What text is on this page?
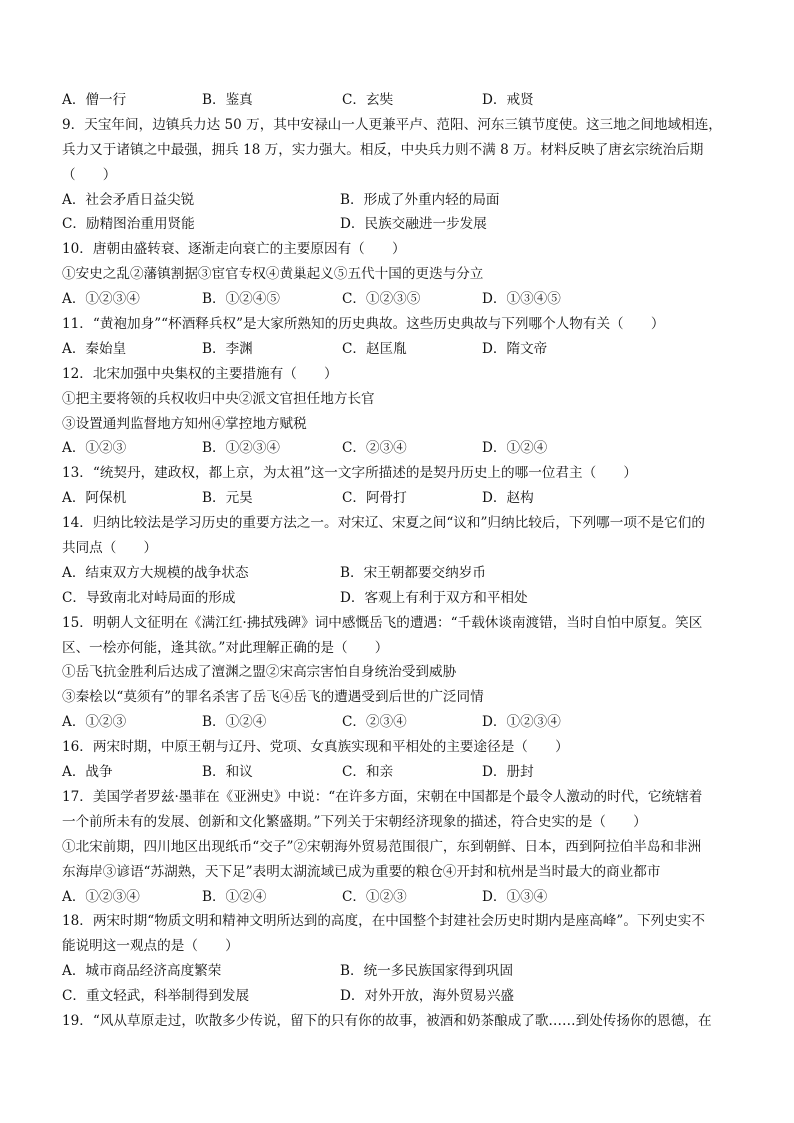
A．僧一行	B．鉴真	C．玄奘	D．戒贤
9．天宝年间，边镇兵力达 50 万，其中安禄山一人更兼平卢、范阳、河东三镇节度使。这三地之间地域相连，
兵力又于诸镇之中最强，拥兵 18 万，实力强大。相反，中央兵力则不满 8 万。材料反映了唐玄宗统治后期
（　　）
A．社会矛盾日益尖锐	B．形成了外重内轻的局面
C．励精图治重用贤能	D．民族交融进一步发展
10．唐朝由盛转衰、逐渐走向衰亡的主要原因有（　　）
①安史之乱②藩镇割据③宦官专权④黄巢起义⑤五代十国的更迭与分立
A．①②③④	B．①②④⑤	C．①②③⑤	D．①③④⑤
11．“黄袍加身”“杯酒释兵权”是大家所熟知的历史典故。这些历史典故与下列哪个人物有关（　　）
A．秦始皇	B．李渊	C．赵匡胤	D．隋文帝
12．北宋加强中央集权的主要措施有（　　）
①把主要将领的兵权收归中央②派文官担任地方长官
③设置通判监督地方知州④掌控地方赋税
A．①②③	B．①②③④	C．②③④	D．①②④
13．“统契丹，建政权，都上京，为太祖”这一文字所描述的是契丹历史上的哪一位君主（　　）
A．阿保机	B．元昊	C．阿骨打	D．赵构
14．归纳比较法是学习历史的重要方法之一。对宋辽、宋夏之间“议和”归纳比较后，下列哪一项不是它们的
共同点（　　）
A．结束双方大规模的战争状态	B．宋王朝都要交纳岁币
C．导致南北对峙局面的形成	D．客观上有利于双方和平相处
15．明朝人文征明在《满江红·拂拭残碑》词中感慨岳飞的遭遇：“千载休谈南渡错，当时自怕中原复。笑区
区、一桧亦何能，逢其欲。”对此理解正确的是（　　）
①岳飞抗金胜利后达成了澶渊之盟②宋高宗害怕自身统治受到威胁
③秦桧以“莫须有”的罪名杀害了岳飞④岳飞的遭遇受到后世的广泛同情
A．①②③	B．①②④	C．②③④	D．①②③④
16．两宋时期，中原王朝与辽丹、党项、女真族实现和平相处的主要途径是（　　）
A．战争	B．和议	C．和亲	D．册封
17．美国学者罗兹·墨菲在《亚洲史》中说：“在许多方面，宋朝在中国都是个最令人激动的时代，它统辖着
一个前所未有的发展、创新和文化繁盛期。”下列关于宋朝经济现象的描述，符合史实的是（　　）
①北宋前期，四川地区出现纸币“交子”②宋朝海外贸易范围很广，东到朝鲜、日本，西到阿拉伯半岛和非洲
东海岸③谚语“苏湖熟，天下足”表明太湖流域已成为重要的粮仓④开封和杭州是当时最大的商业都市
A．①②③④	B．①②④	C．①②③	D．①③④
18．两宋时期“物质文明和精神文明所达到的高度，在中国整个封建社会历史时期内是座高峰”。下列史实不
能说明这一观点的是（　　）
A．城市商品经济高度繁荣	B．统一多民族国家得到巩固
C．重文轻武，科举制得到发展	D．对外开放，海外贸易兴盛
19．“风从草原走过，吹散多少传说，留下的只有你的故事，被酒和奶茶酿成了歌……到处传扬你的恩德，在
